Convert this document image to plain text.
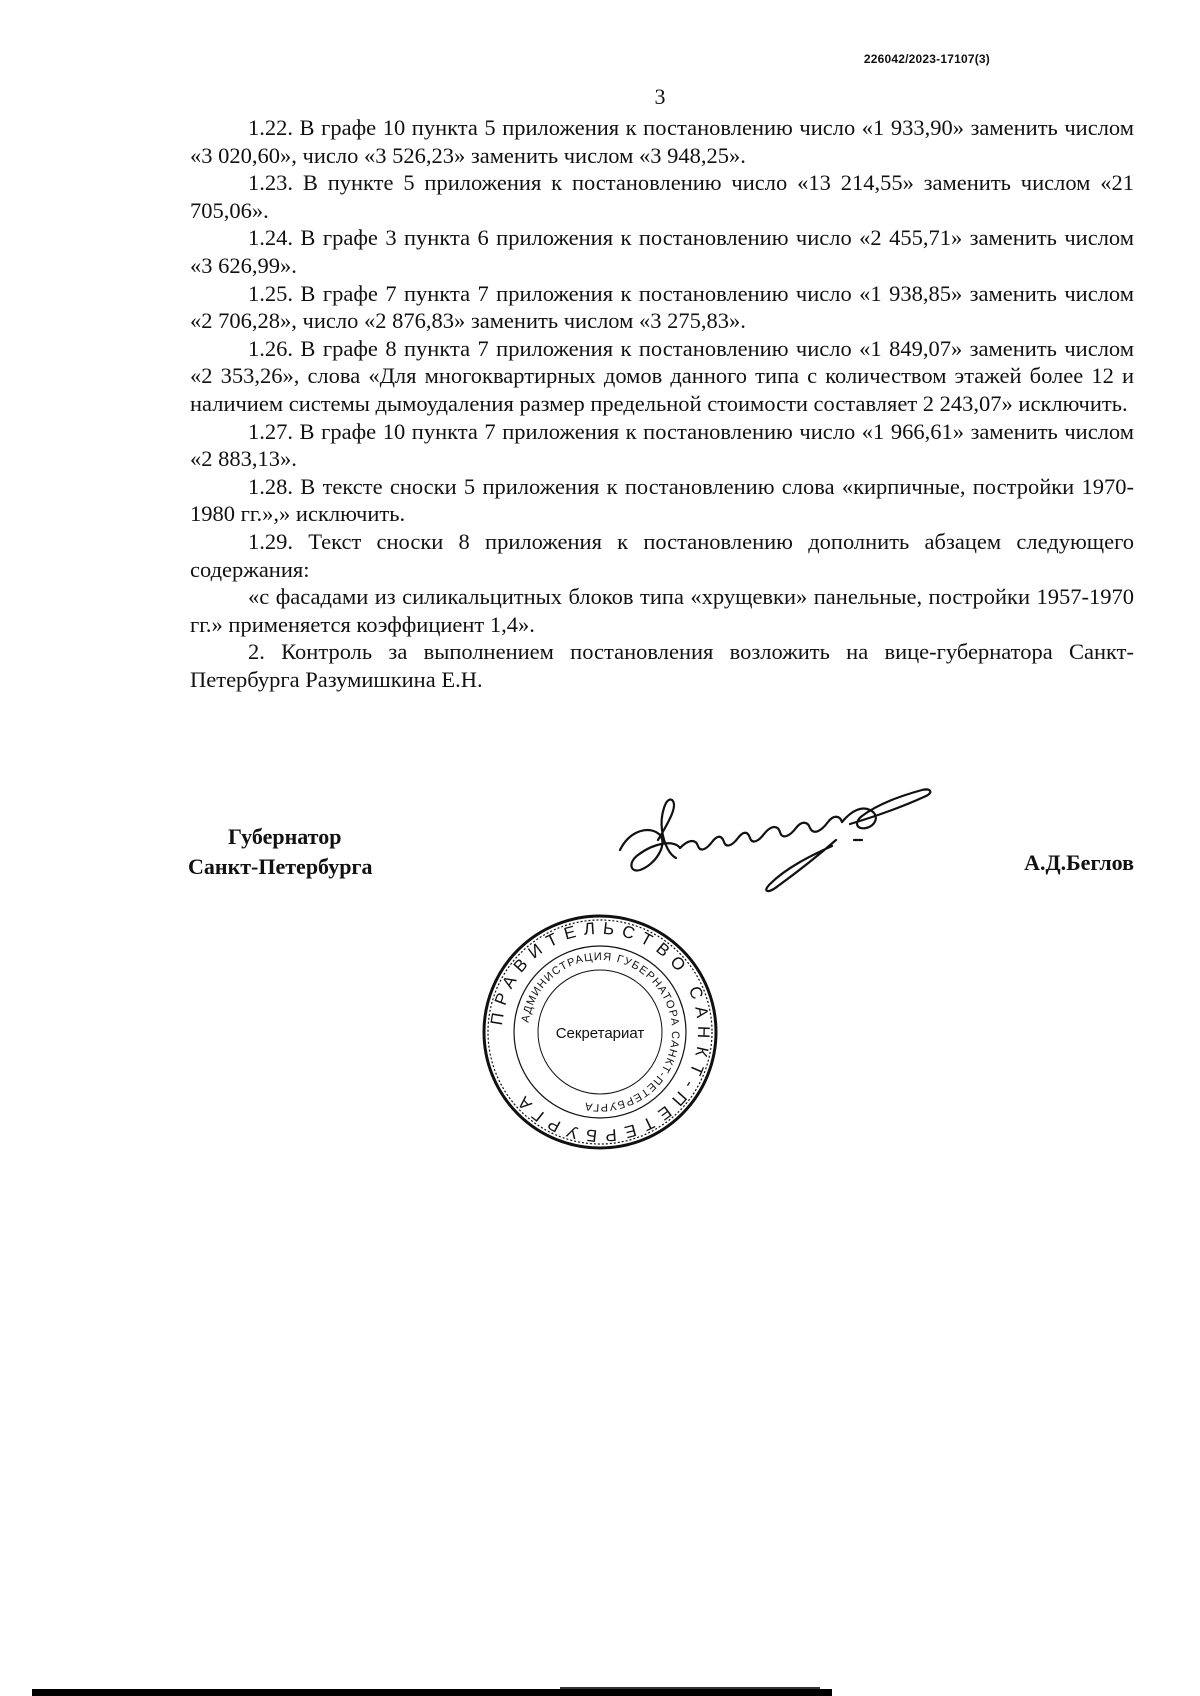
226042/2023-17107(3)
3

1.22. В графе 10 пункта 5 приложения к постановлению число «1 933,90» заменить числом «3 020,60», число «3 526,23» заменить числом «3 948,25».

1.23. В пункте 5 приложения к постановлению число «13 214,55» заменить числом «21 705,06».

1.24. В графе 3 пункта 6 приложения к постановлению число «2 455,71» заменить числом «3 626,99».

1.25. В графе 7 пункта 7 приложения к постановлению число «1 938,85» заменить числом «2 706,28», число «2 876,83» заменить числом «3 275,83».

1.26. В графе 8 пункта 7 приложения к постановлению число «1 849,07» заменить числом «2 353,26», слова «Для многоквартирных домов данного типа с количеством этажей более 12 и наличием системы дымоудаления размер предельной стоимости составляет 2 243,07» исключить.

1.27. В графе 10 пункта 7 приложения к постановлению число «1 966,61» заменить числом «2 883,13».

1.28. В тексте сноски 5 приложения к постановлению слова «кирпичные, постройки 1970-1980 гг.»,» исключить.

1.29. Текст сноски 8 приложения к постановлению дополнить абзацем следующего содержания:

«с фасадами из силикальцитных блоков типа «хрущевки» панельные, постройки 1957-1970 гг.» применяется коэффициент 1,4».

2. Контроль за выполнением постановления возложить на вице-губернатора Санкт-Петербурга Разумишкина Е.Н.

Губернатор
Санкт-Петербурга	А.Д.Беглов
ПРАВИТЕЛЬСТВО САНКТ-ПЕТЕРБУРГА
АДМИНИСТРАЦИЯ ГУБЕРНАТОРА САНКТ-ПЕТЕРБУРГА
Секретариат
